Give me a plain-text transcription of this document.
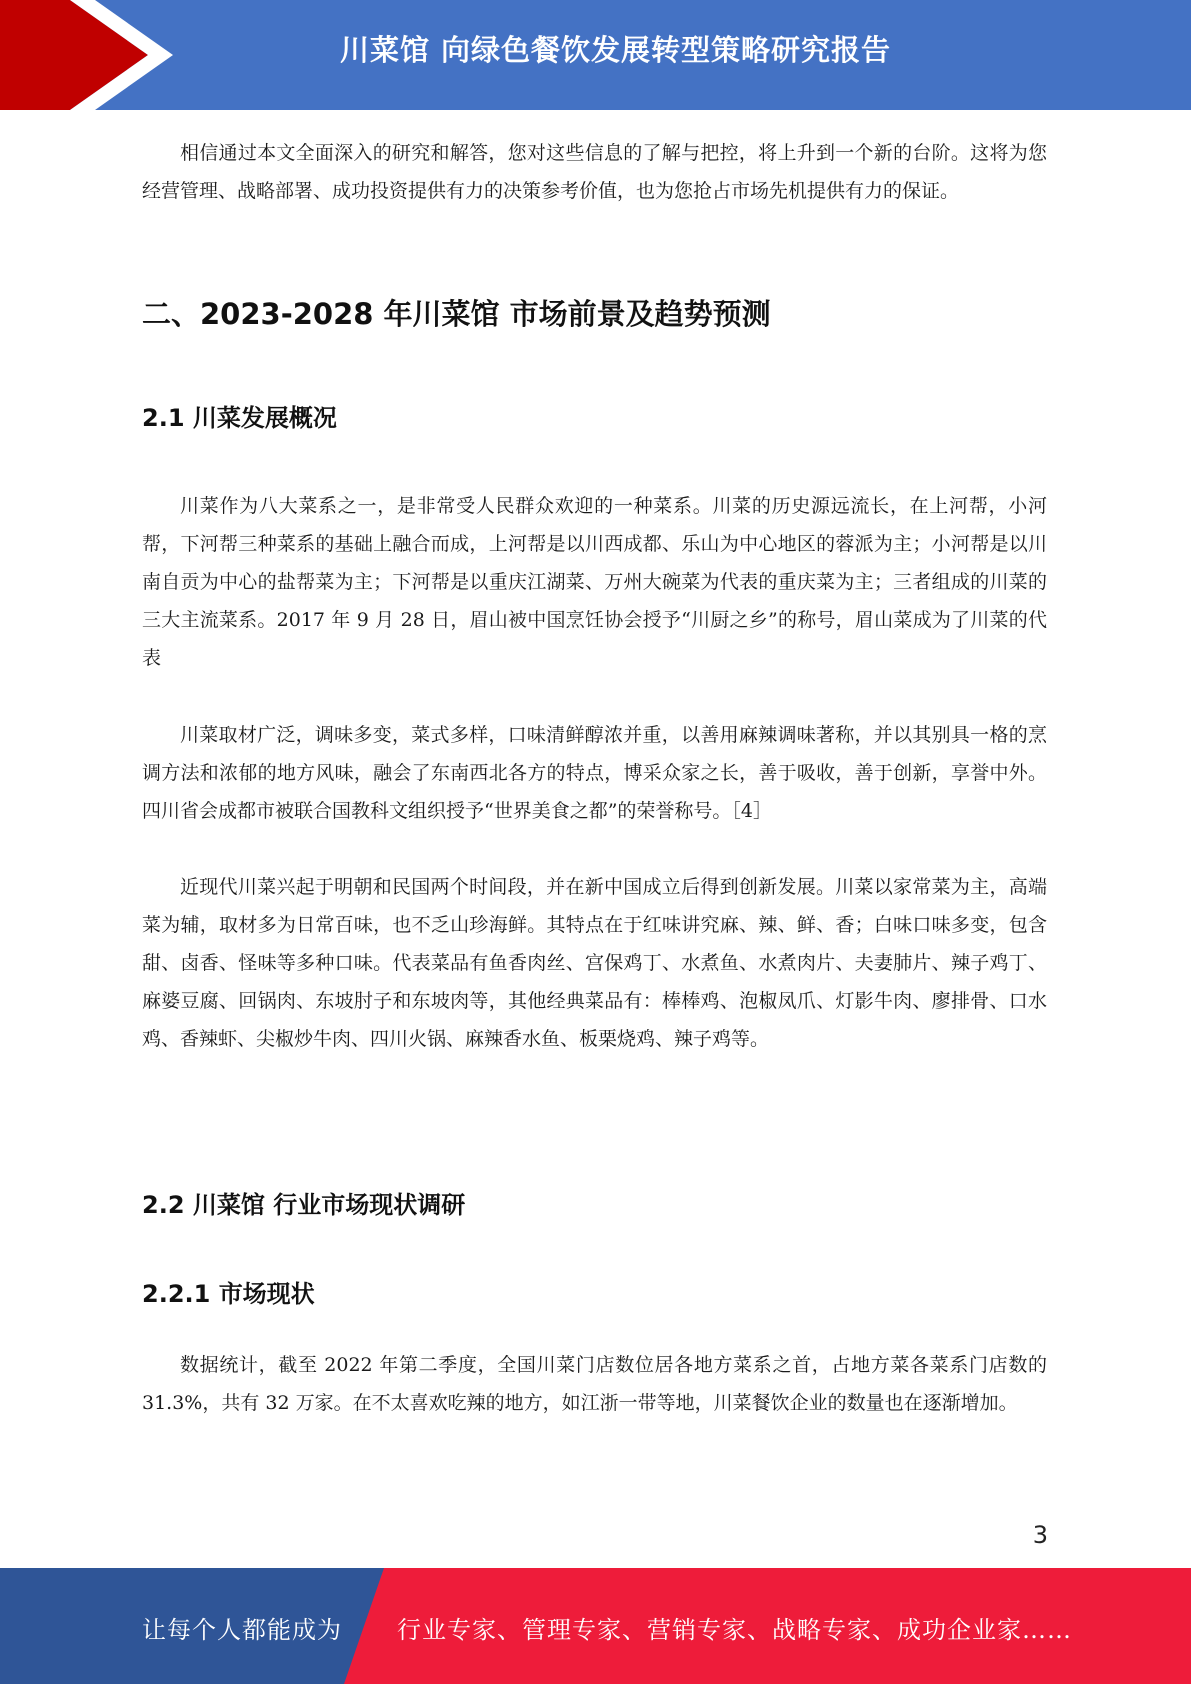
川菜馆 向绿色餐饮发展转型策略研究报告

相信通过本文全面深入的研究和解答，您对这些信息的了解与把控，将上升到一个新的台阶。这将为您经营管理、战略部署、成功投资提供有力的决策参考价值，也为您抢占市场先机提供有力的保证。

二、2023-2028 年川菜馆 市场前景及趋势预测
2.1 川菜发展概况

川菜作为八大菜系之一，是非常受人民群众欢迎的一种菜系。川菜的历史源远流长，在上河帮，小河帮，下河帮三种菜系的基础上融合而成，上河帮是以川西成都、乐山为中心地区的蓉派为主；小河帮是以川南自贡为中心的盐帮菜为主；下河帮是以重庆江湖菜、万州大碗菜为代表的重庆菜为主；三者组成的川菜的三大主流菜系。2017 年 9 月 28 日，眉山被中国烹饪协会授予“川厨之乡”的称号，眉山菜成为了川菜的代表

川菜取材广泛，调味多变，菜式多样，口味清鲜醇浓并重，以善用麻辣调味著称，并以其别具一格的烹调方法和浓郁的地方风味，融会了东南西北各方的特点，博采众家之长，善于吸收，善于创新，享誉中外。四川省会成都市被联合国教科文组织授予“世界美食之都”的荣誉称号。［4］

近现代川菜兴起于明朝和民国两个时间段，并在新中国成立后得到创新发展。川菜以家常菜为主，高端菜为辅，取材多为日常百味，也不乏山珍海鲜。其特点在于红味讲究麻、辣、鲜、香；白味口味多变，包含甜、卤香、怪味等多种口味。代表菜品有鱼香肉丝、宫保鸡丁、水煮鱼、水煮肉片、夫妻肺片、辣子鸡丁、麻婆豆腐、回锅肉、东坡肘子和东坡肉等，其他经典菜品有：棒棒鸡、泡椒凤爪、灯影牛肉、廖排骨、口水鸡、香辣虾、尖椒炒牛肉、四川火锅、麻辣香水鱼、板栗烧鸡、辣子鸡等。

2.2 川菜馆 行业市场现状调研
2.2.1 市场现状

数据统计，截至 2022 年第二季度，全国川菜门店数位居各地方菜系之首，占地方菜各菜系门店数的 31.3%，共有 32 万家。在不太喜欢吃辣的地方，如江浙一带等地，川菜餐饮企业的数量也在逐渐增加。

3
让每个人都能成为 行业专家、管理专家、营销专家、战略专家、成功企业家……
